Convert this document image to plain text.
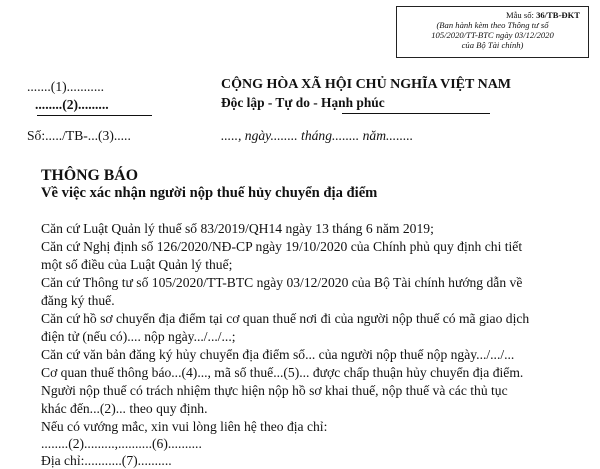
Mẫu số: 36/TB-ĐKT
(Ban hành kèm theo Thông tư số
105/2020/TT-BTC ngày 03/12/2020
của Bộ Tài chính)
.......(1)...........
........(2).........
Số:...../TB-...(3).....
CỘNG HÒA XÃ HỘI CHỦ NGHĨA VIỆT NAM
Độc lập - Tự do - Hạnh phúc
....., ngày........ tháng........ năm........
THÔNG BÁO
Về việc xác nhận người nộp thuế hủy chuyển địa điểm
Căn cứ Luật Quản lý thuế số 83/2019/QH14 ngày 13 tháng 6 năm 2019;
Căn cứ Nghị định số 126/2020/NĐ-CP ngày 19/10/2020 của Chính phủ quy định chi tiết
một số điều của Luật Quản lý thuế;
Căn cứ Thông tư số 105/2020/TT-BTC ngày 03/12/2020 của Bộ Tài chính hướng dẫn về
đăng ký thuế.
Căn cứ hồ sơ chuyển địa điểm tại cơ quan thuế nơi đi của người nộp thuế có mã giao dịch
điện tử (nếu có).... nộp ngày.../.../...;
Căn cứ văn bản đăng ký hủy chuyển địa điểm số... của người nộp thuế nộp ngày.../.../...
Cơ quan thuế thông báo...(4)..., mã số thuế...(5)... được chấp thuận hủy chuyển địa điểm.
Người nộp thuế có trách nhiệm thực hiện nộp hồ sơ khai thuế, nộp thuế và các thủ tục
khác đến...(2)... theo quy định.
Nếu có vướng mắc, xin vui lòng liên hệ theo địa chỉ:
........(2).........,..........(6)..........
Địa chỉ:...........(7)..........
